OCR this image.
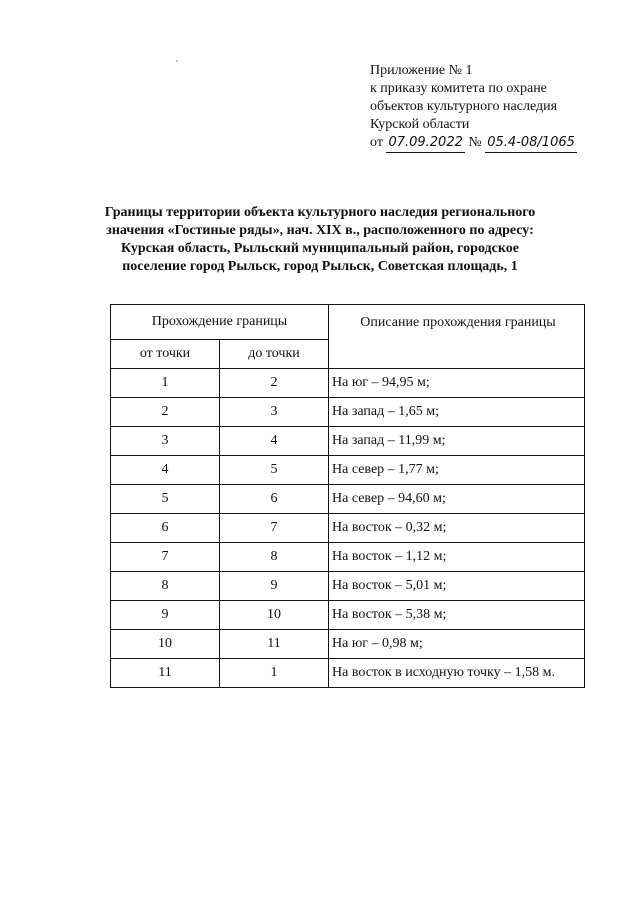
Приложение № 1
к приказу комитета по охране
объектов культурного наследия
Курской области
от 07.09.2022 № 05.4-08/1065
Границы территории объекта культурного наследия регионального
значения «Гостиные ряды», нач. XIX в., расположенного по адресу:
Курская область, Рыльский муниципальный район, городское
поселение город Рыльск, город Рыльск, Советская площадь, 1
Прохождение границы		Описание прохождения границы
от точки	до точки	
1	2	На юг – 94,95 м;
2	3	На запад – 1,65 м;
3	4	На запад – 11,99 м;
4	5	На север – 1,77 м;
5	6	На север – 94,60 м;
6	7	На восток – 0,32 м;
7	8	На восток – 1,12 м;
8	9	На восток – 5,01 м;
9	10	На восток – 5,38 м;
10	11	На юг – 0,98 м;
11	1	На восток в исходную точку – 1,58 м.
